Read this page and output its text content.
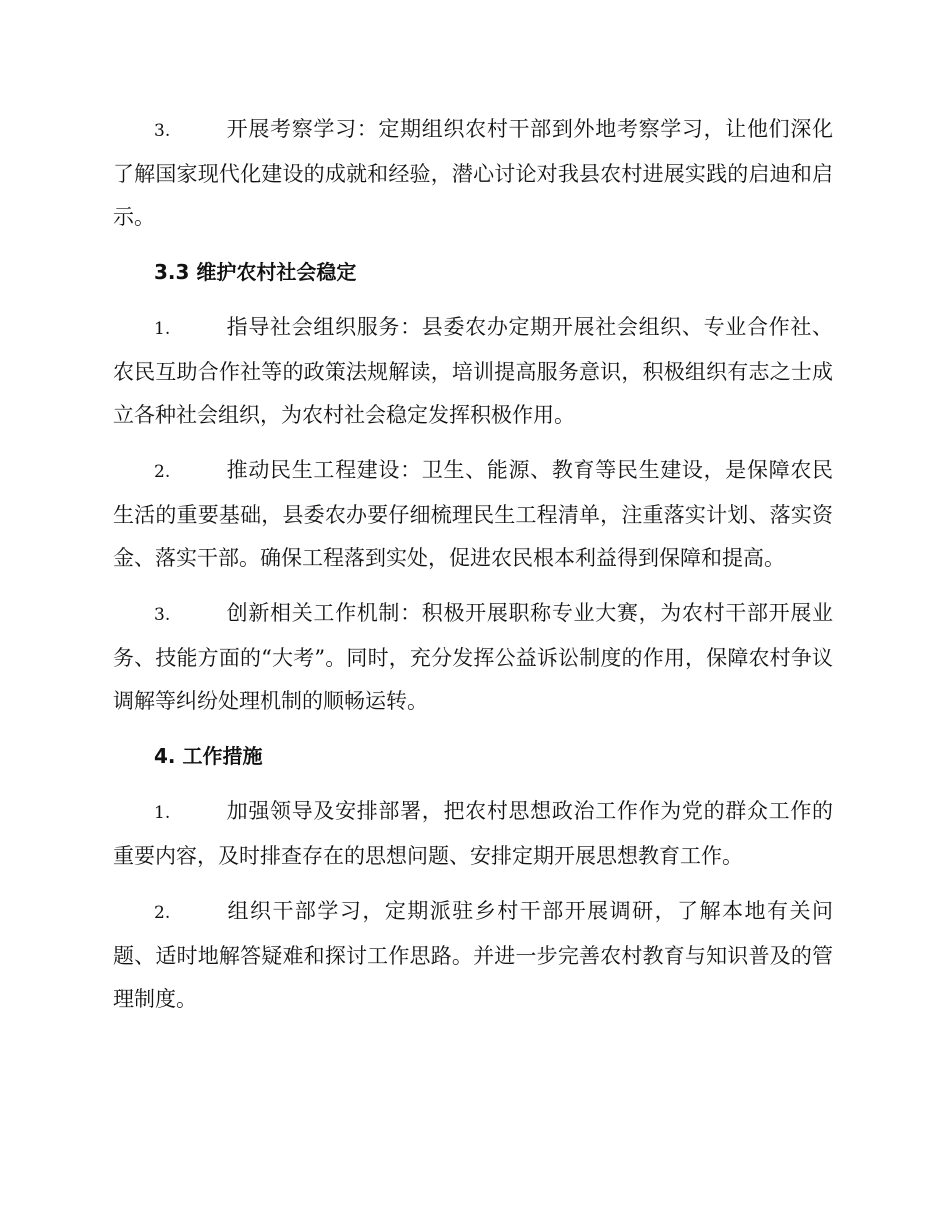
3.	开展考察学习：定期组织农村干部到外地考察学习，让他们深化了解国家现代化建设的成就和经验，潜心讨论对我县农村进展实践的启迪和启示。

3.3 维护农村社会稳定

1.	指导社会组织服务：县委农办定期开展社会组织、专业合作社、农民互助合作社等的政策法规解读，培训提高服务意识，积极组织有志之士成立各种社会组织，为农村社会稳定发挥积极作用。

2.	推动民生工程建设：卫生、能源、教育等民生建设，是保障农民生活的重要基础，县委农办要仔细梳理民生工程清单，注重落实计划、落实资金、落实干部。确保工程落到实处，促进农民根本利益得到保障和提高。

3.	创新相关工作机制：积极开展职称专业大赛，为农村干部开展业务、技能方面的“大考”。同时，充分发挥公益诉讼制度的作用，保障农村争议调解等纠纷处理机制的顺畅运转。

4. 工作措施

1.	加强领导及安排部署，把农村思想政治工作作为党的群众工作的重要内容，及时排查存在的思想问题、安排定期开展思想教育工作。

2.	组织干部学习，定期派驻乡村干部开展调研，了解本地有关问题、适时地解答疑难和探讨工作思路。并进一步完善农村教育与知识普及的管理制度。
